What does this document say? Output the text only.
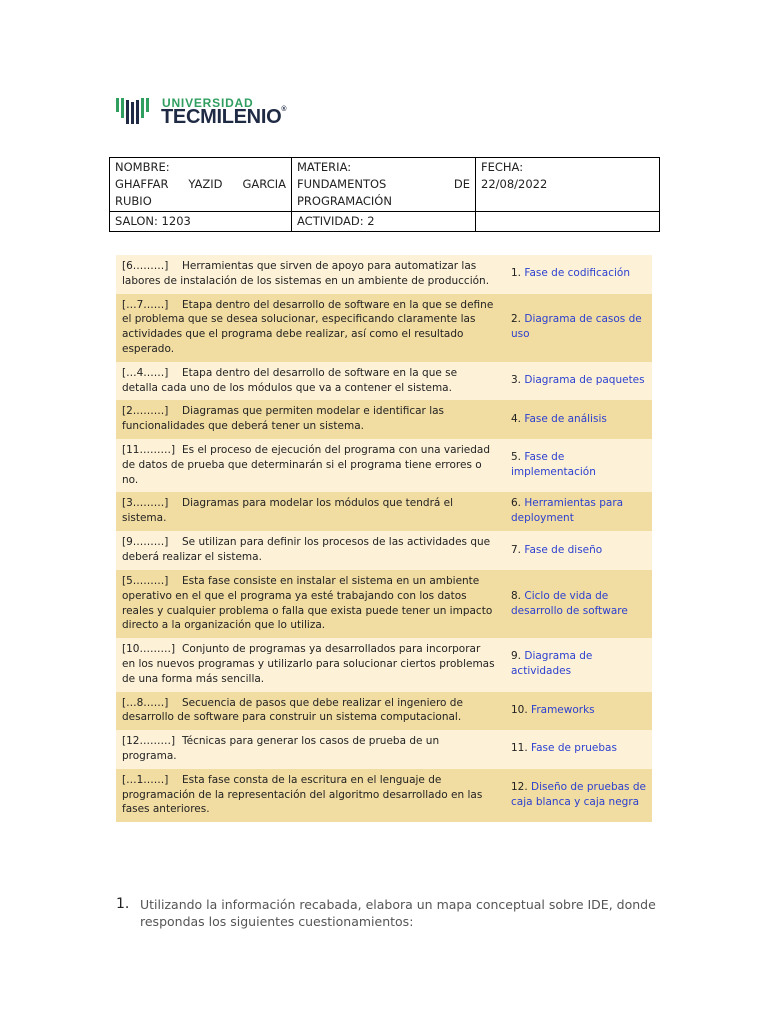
UNIVERSIDAD
TECMILENIO®
NOMBRE:
GHAFFAR YAZID GARCIA
RUBIO	MATERIA:
FUNDAMENTOS DE
PROGRAMACIÓN	FECHA:
22/08/2022

SALON: 1203	ACTIVIDAD: 2	
[6………] Herramientas que sirven de apoyo para automatizar las labores de instalación de los sistemas en un ambiente de producción.
1. Fase de codificación
[…7……] Etapa dentro del desarrollo de software en la que se define el problema que se desea solucionar, especificando claramente las actividades que el programa debe realizar, así como el resultado esperado.
2. Diagrama de casos de uso
[…4……] Etapa dentro del desarrollo de software en la que se detalla cada uno de los módulos que va a contener el sistema.
3. Diagrama de paquetes
[2………] Diagramas que permiten modelar e identificar las funcionalidades que deberá tener un sistema.
4. Fase de análisis
[11………] Es el proceso de ejecución del programa con una variedad de datos de prueba que determinarán si el programa tiene errores o no.
5. Fase de implementación
[3………] Diagramas para modelar los módulos que tendrá el sistema.
6. Herramientas para deployment
[9………] Se utilizan para definir los procesos de las actividades que deberá realizar el sistema.
7. Fase de diseño
[5………] Esta fase consiste en instalar el sistema en un ambiente operativo en el que el programa ya esté trabajando con los datos reales y cualquier problema o falla que exista puede tener un impacto directo a la organización que lo utiliza.
8. Ciclo de vida de desarrollo de software
[10………] Conjunto de programas ya desarrollados para incorporar en los nuevos programas y utilizarlo para solucionar ciertos problemas de una forma más sencilla.
9. Diagrama de actividades
[…8……] Secuencia de pasos que debe realizar el ingeniero de desarrollo de software para construir un sistema computacional.
10. Frameworks
[12………] Técnicas para generar los casos de prueba de un programa.
11. Fase de pruebas
[…1……] Esta fase consta de la escritura en el lenguaje de programación de la representación del algoritmo desarrollado en las fases anteriores.
12. Diseño de pruebas de caja blanca y caja negra
1. Utilizando la información recabada, elabora un mapa conceptual sobre IDE, donde respondas los siguientes cuestionamientos:
